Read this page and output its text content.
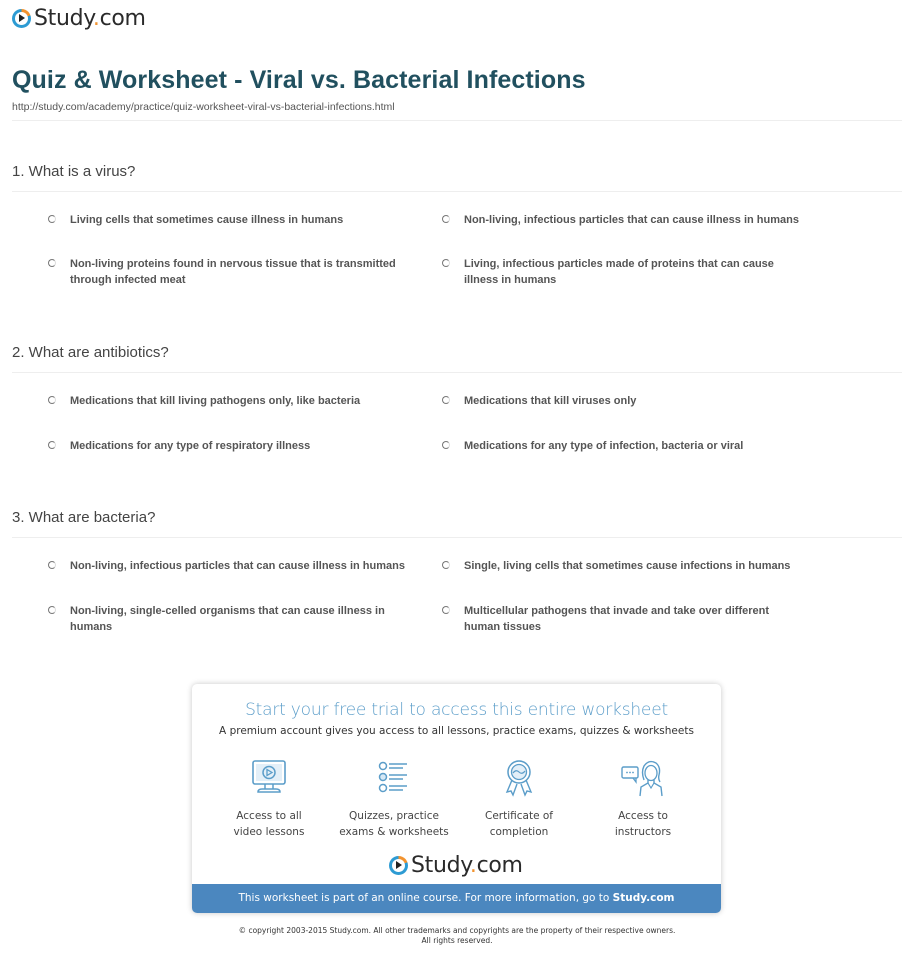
Study.com
Quiz & Worksheet - Viral vs. Bacterial Infections
http://study.com/academy/practice/quiz-worksheet-viral-vs-bacterial-infections.html
1. What is a virus?
Living cells that sometimes cause illness in humans	Non-living, infectious particles that can cause illness in humans
Non-living proteins found in nervous tissue that is transmitted through infected meat
Living, infectious particles made of proteins that can cause illness in humans
2. What are antibiotics?
Medications that kill living pathogens only, like bacteria	Medications that kill viruses only
Medications for any type of respiratory illness	Medications for any type of infection, bacteria or viral
3. What are bacteria?
Non-living, infectious particles that can cause illness in humans	Single, living cells that sometimes cause infections in humans
Non-living, single-celled organisms that can cause illness in humans
Multicellular pathogens that invade and take over different human tissues
Start your free trial to access this entire worksheet
A premium account gives you access to all lessons, practice exams, quizzes & worksheets
Access to all
video lessons
Quizzes, practice
exams & worksheets
Certificate of
completion
Access to
instructors
Study.com
This worksheet is part of an online course. For more information, go to Study.com
© copyright 2003-2015 Study.com. All other trademarks and copyrights are the property of their respective owners.
All rights reserved.
